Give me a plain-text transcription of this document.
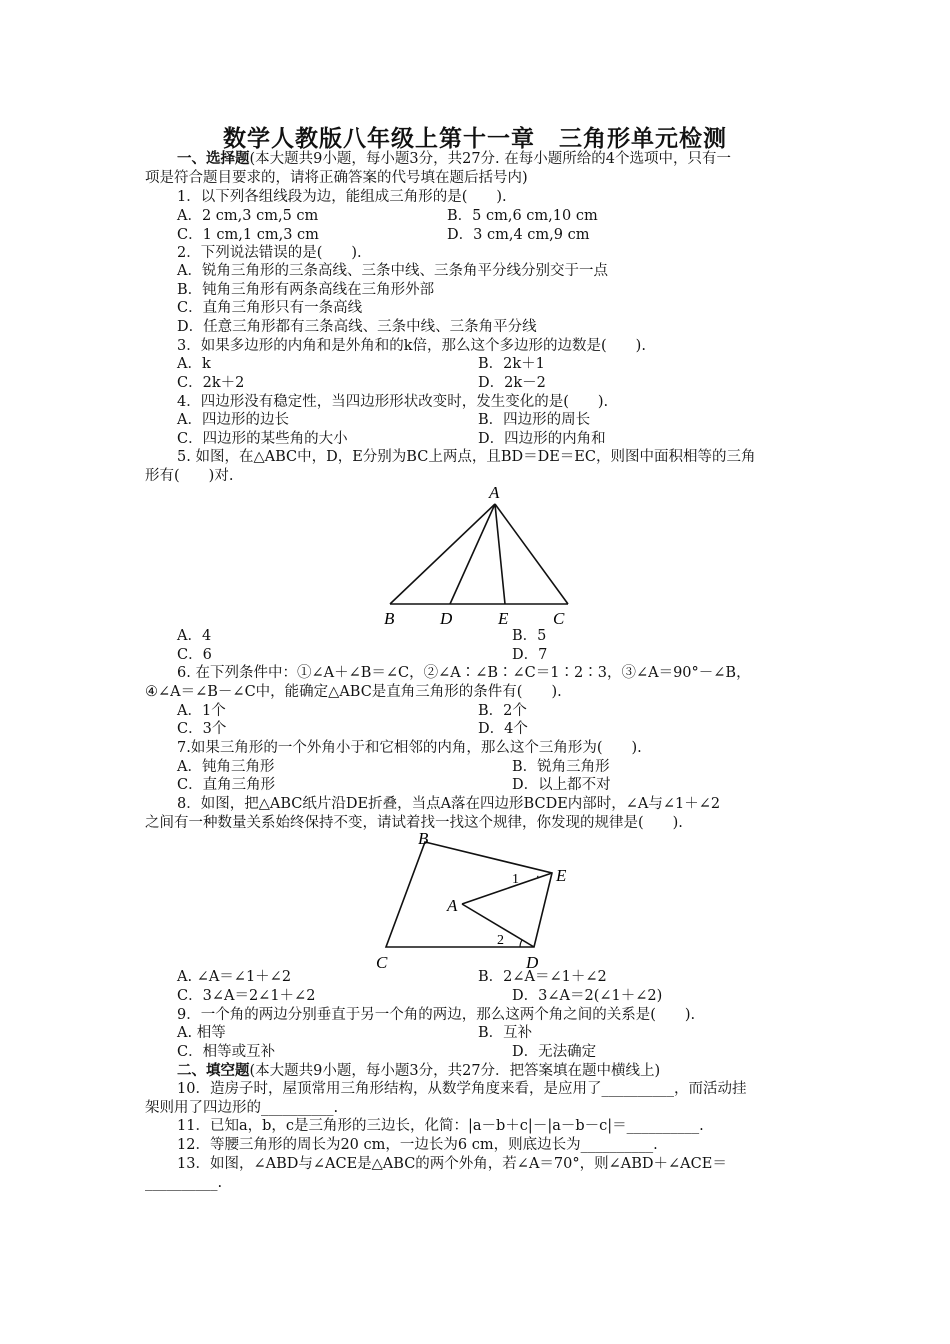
数学人教版八年级上第十一章　三角形单元检测
一、选择题(本大题共9小题，每小题3分，共27分. 在每小题所给的4个选项中，只有一
项是符合题目要求的，请将正确答案的代号填在题后括号内)
1．以下列各组线段为边，能组成三角形的是(　　).
A．2 cm,3 cm,5 cm	B．5 cm,6 cm,10 cm
C．1 cm,1 cm,3 cm	D．3 cm,4 cm,9 cm
2．下列说法错误的是(　　).
A．锐角三角形的三条高线、三条中线、三条角平分线分别交于一点
B．钝角三角形有两条高线在三角形外部
C．直角三角形只有一条高线
D．任意三角形都有三条高线、三条中线、三条角平分线
3．如果多边形的内角和是外角和的k倍，那么这个多边形的边数是(　　).
A．k	B．2k＋1
C．2k＋2	D．2k－2
4．四边形没有稳定性，当四边形形状改变时，发生变化的是(　　).
A．四边形的边长	B．四边形的周长
C．四边形的某些角的大小	D．四边形的内角和
5. 如图，在△ABC中，D，E分别为BC上两点，且BD＝DE＝EC，则图中面积相等的三角
形有(　　)对.
A
B	D	E	C
A．4	B．5
C．6	D．7
6. 在下列条件中：①∠A＋∠B＝∠C，②∠A∶∠B∶∠C＝1∶2∶3，③∠A＝90°－∠B，
④∠A＝∠B－∠C中，能确定△ABC是直角三角形的条件有(　　).
A．1个	B．2个
C．3个	D．4个
7.如果三角形的一个外角小于和它相邻的内角，那么这个三角形为(　　).
A．钝角三角形	B．锐角三角形
C．直角三角形	D．以上都不对
8．如图，把△ABC纸片沿DE折叠，当点A落在四边形BCDE内部时，∠A与∠1＋∠2
之间有一种数量关系始终保持不变，请试着找一找这个规律，你发现的规律是(　　).
B
E
A
C	D
1
2
A. ∠A＝∠1＋∠2	B．2∠A＝∠1＋∠2
C．3∠A＝2∠1＋∠2	D．3∠A＝2(∠1＋∠2)
9．一个角的两边分别垂直于另一个角的两边，那么这两个角之间的关系是(　　).
A. 相等	B．互补
C．相等或互补	D．无法确定
二、填空题(本大题共9小题，每小题3分，共27分．把答案填在题中横线上)
10．造房子时，屋顶常用三角形结构，从数学角度来看，是应用了__________，而活动挂
架则用了四边形的__________.
11．已知a，b，c是三角形的三边长，化简：|a－b＋c|－|a－b－c|＝__________.
12．等腰三角形的周长为20 cm，一边长为6 cm，则底边长为__________.
13．如图，∠ABD与∠ACE是△ABC的两个外角，若∠A＝70°，则∠ABD＋∠ACE＝
__________.
